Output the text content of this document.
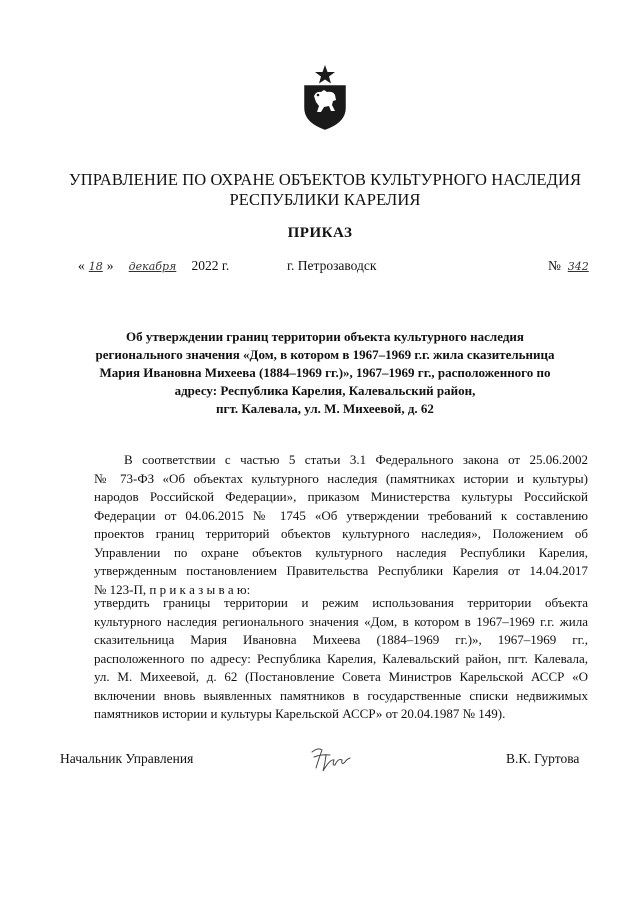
УПРАВЛЕНИЕ ПО ОХРАНЕ ОБЪЕКТОВ КУЛЬТУРНОГО НАСЛЕДИЯ
РЕСПУБЛИКИ КАРЕЛИЯ
ПРИКАЗ
« 18 » декабря 2022 г.	г. Петрозаводск	№ 342
Об утверждении границ территории объекта культурного наследия
регионального значения «Дом, в котором в 1967–1969 г.г. жила сказительница
Мария Ивановна Михеева (1884–1969 гг.)», 1967–1969 гг., расположенного по
адресу: Республика Карелия, Калевальский район,
пгт. Калевала, ул. М. Михеевой, д. 62
В соответствии с частью 5 статьи 3.1 Федерального закона от 25.06.2002
№ 73-ФЗ «Об объектах культурного наследия (памятниках истории и культуры)
народов Российской Федерации», приказом Министерства культуры Российской
Федерации от 04.06.2015 № 1745 «Об утверждении требований к составлению
проектов границ территорий объектов культурного наследия», Положением об
Управлении по охране объектов культурного наследия Республики Карелия,
утвержденным постановлением Правительства Республики Карелия от 14.04.2017
№ 123-П, п р и к а з ы в а ю:
утвердить границы территории и режим использования территории объекта
культурного наследия регионального значения «Дом, в котором в 1967–1969 г.г. жила
сказительница Мария Ивановна Михеева (1884–1969 гг.)», 1967–1969 гг.,
расположенного по адресу: Республика Карелия, Калевальский район, пгт. Калевала,
ул. М. Михеевой, д. 62 (Постановление Совета Министров Карельской АССР «О
включении вновь выявленных памятников в государственные списки недвижимых
памятников истории и культуры Карельской АССР» от 20.04.1987 № 149).
Начальник Управления	В.К. Гуртова
